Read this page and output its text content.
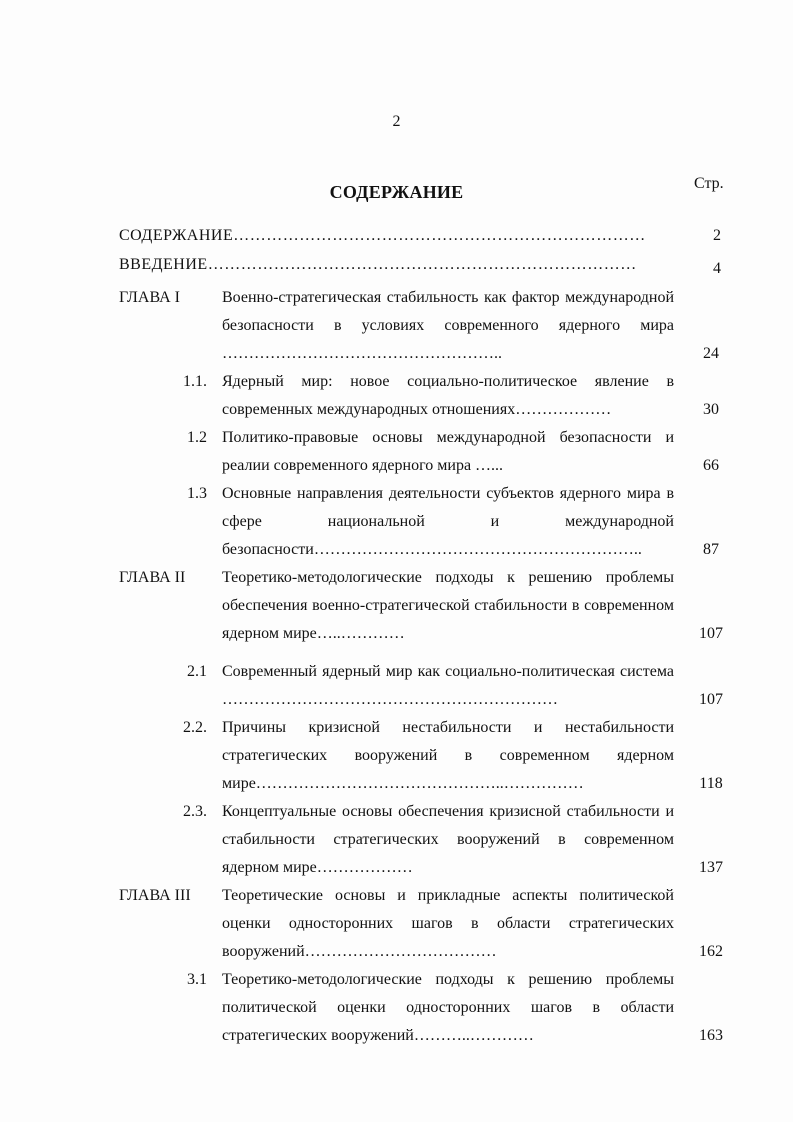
2
СОДЕРЖАНИЕ	Стр.
СОДЕРЖАНИЕ…………………………………………………………………	2
ВВЕДЕНИЕ……………………………………………………………………	4
ГЛАВА I	Военно-стратегическая стабильность как фактор международной безопасности в условиях современного ядерного мира ……………………………………………..	24
1.1. Ядерный мир: новое социально-политическое явление в современных международных отношениях………………	30
1.2 Политико-правовые основы международной безопасности и реалии современного ядерного мира …...	66
1.3 Основные направления деятельности субъектов ядерного мира в сфере национальной и международной безопасности……………………………………………………..	87
ГЛАВА II Теоретико-методологические подходы к решению проблемы обеспечения военно-стратегической стабильности в современном ядерном мире…..…………	107
2.1 Современный ядерный мир как социально-политическая система ………………………………………………………	107
2.2. Причины кризисной нестабильности и нестабильности стратегических вооружений в современном ядерном мире………………………………………..……………	118
2.3. Концептуальные основы обеспечения кризисной стабильности и стабильности стратегических вооружений в современном ядерном мире………………	137
ГЛАВА III Теоретические основы и прикладные аспекты политической оценки односторонних шагов в области стратегических вооружений………………………………	162
3.1 Теоретико-методологические подходы к решению проблемы политической оценки односторонних шагов в области стратегических вооружений………..…………	163
